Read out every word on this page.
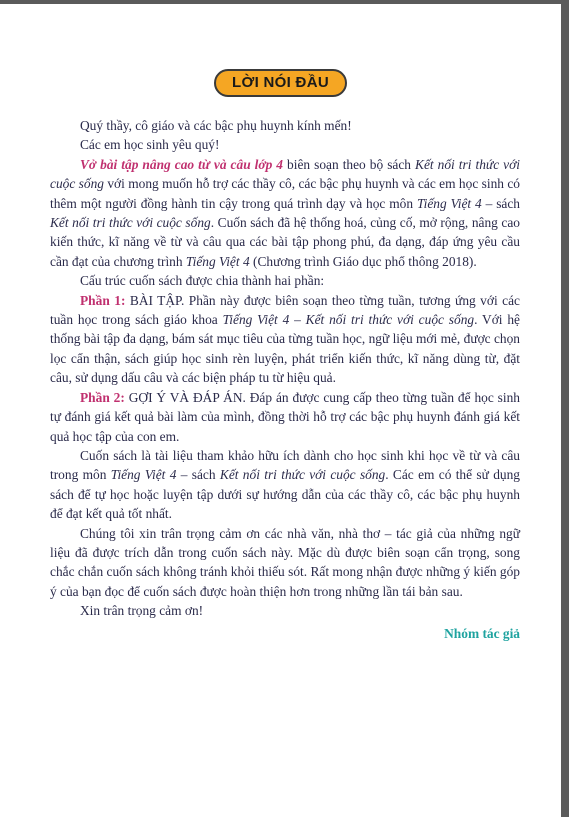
LỜI NÓI ĐẦU

Quý thầy, cô giáo và các bậc phụ huynh kính mến!

Các em học sinh yêu quý!

Vở bài tập nâng cao từ và câu lớp 4 biên soạn theo bộ sách Kết nối tri thức với cuộc sống với mong muốn hỗ trợ các thầy cô, các bậc phụ huynh và các em học sinh có thêm một người đồng hành tin cậy trong quá trình dạy và học môn Tiếng Việt 4 – sách Kết nối tri thức với cuộc sống. Cuốn sách đã hệ thống hoá, củng cố, mở rộng, nâng cao kiến thức, kĩ năng về từ và câu qua các bài tập phong phú, đa dạng, đáp ứng yêu cầu cần đạt của chương trình Tiếng Việt 4 (Chương trình Giáo dục phổ thông 2018).

Cấu trúc cuốn sách được chia thành hai phần:

Phần 1: BÀI TẬP. Phần này được biên soạn theo từng tuần, tương ứng với các tuần học trong sách giáo khoa Tiếng Việt 4 – Kết nối tri thức với cuộc sống. Với hệ thống bài tập đa dạng, bám sát mục tiêu của từng tuần học, ngữ liệu mới mẻ, được chọn lọc cẩn thận, sách giúp học sinh rèn luyện, phát triển kiến thức, kĩ năng dùng từ, đặt câu, sử dụng dấu câu và các biện pháp tu từ hiệu quả.

Phần 2: GỢI Ý VÀ ĐÁP ÁN. Đáp án được cung cấp theo từng tuần để học sinh tự đánh giá kết quả bài làm của mình, đồng thời hỗ trợ các bậc phụ huynh đánh giá kết quả học tập của con em.

Cuốn sách là tài liệu tham khảo hữu ích dành cho học sinh khi học về từ và câu trong môn Tiếng Việt 4 – sách Kết nối tri thức với cuộc sống. Các em có thể sử dụng sách để tự học hoặc luyện tập dưới sự hướng dẫn của các thầy cô, các bậc phụ huynh để đạt kết quả tốt nhất.

Chúng tôi xin trân trọng cảm ơn các nhà văn, nhà thơ – tác giả của những ngữ liệu đã được trích dẫn trong cuốn sách này. Mặc dù được biên soạn cẩn trọng, song chắc chắn cuốn sách không tránh khỏi thiếu sót. Rất mong nhận được những ý kiến góp ý của bạn đọc để cuốn sách được hoàn thiện hơn trong những lần tái bản sau.

Xin trân trọng cảm ơn!

Nhóm tác giả
